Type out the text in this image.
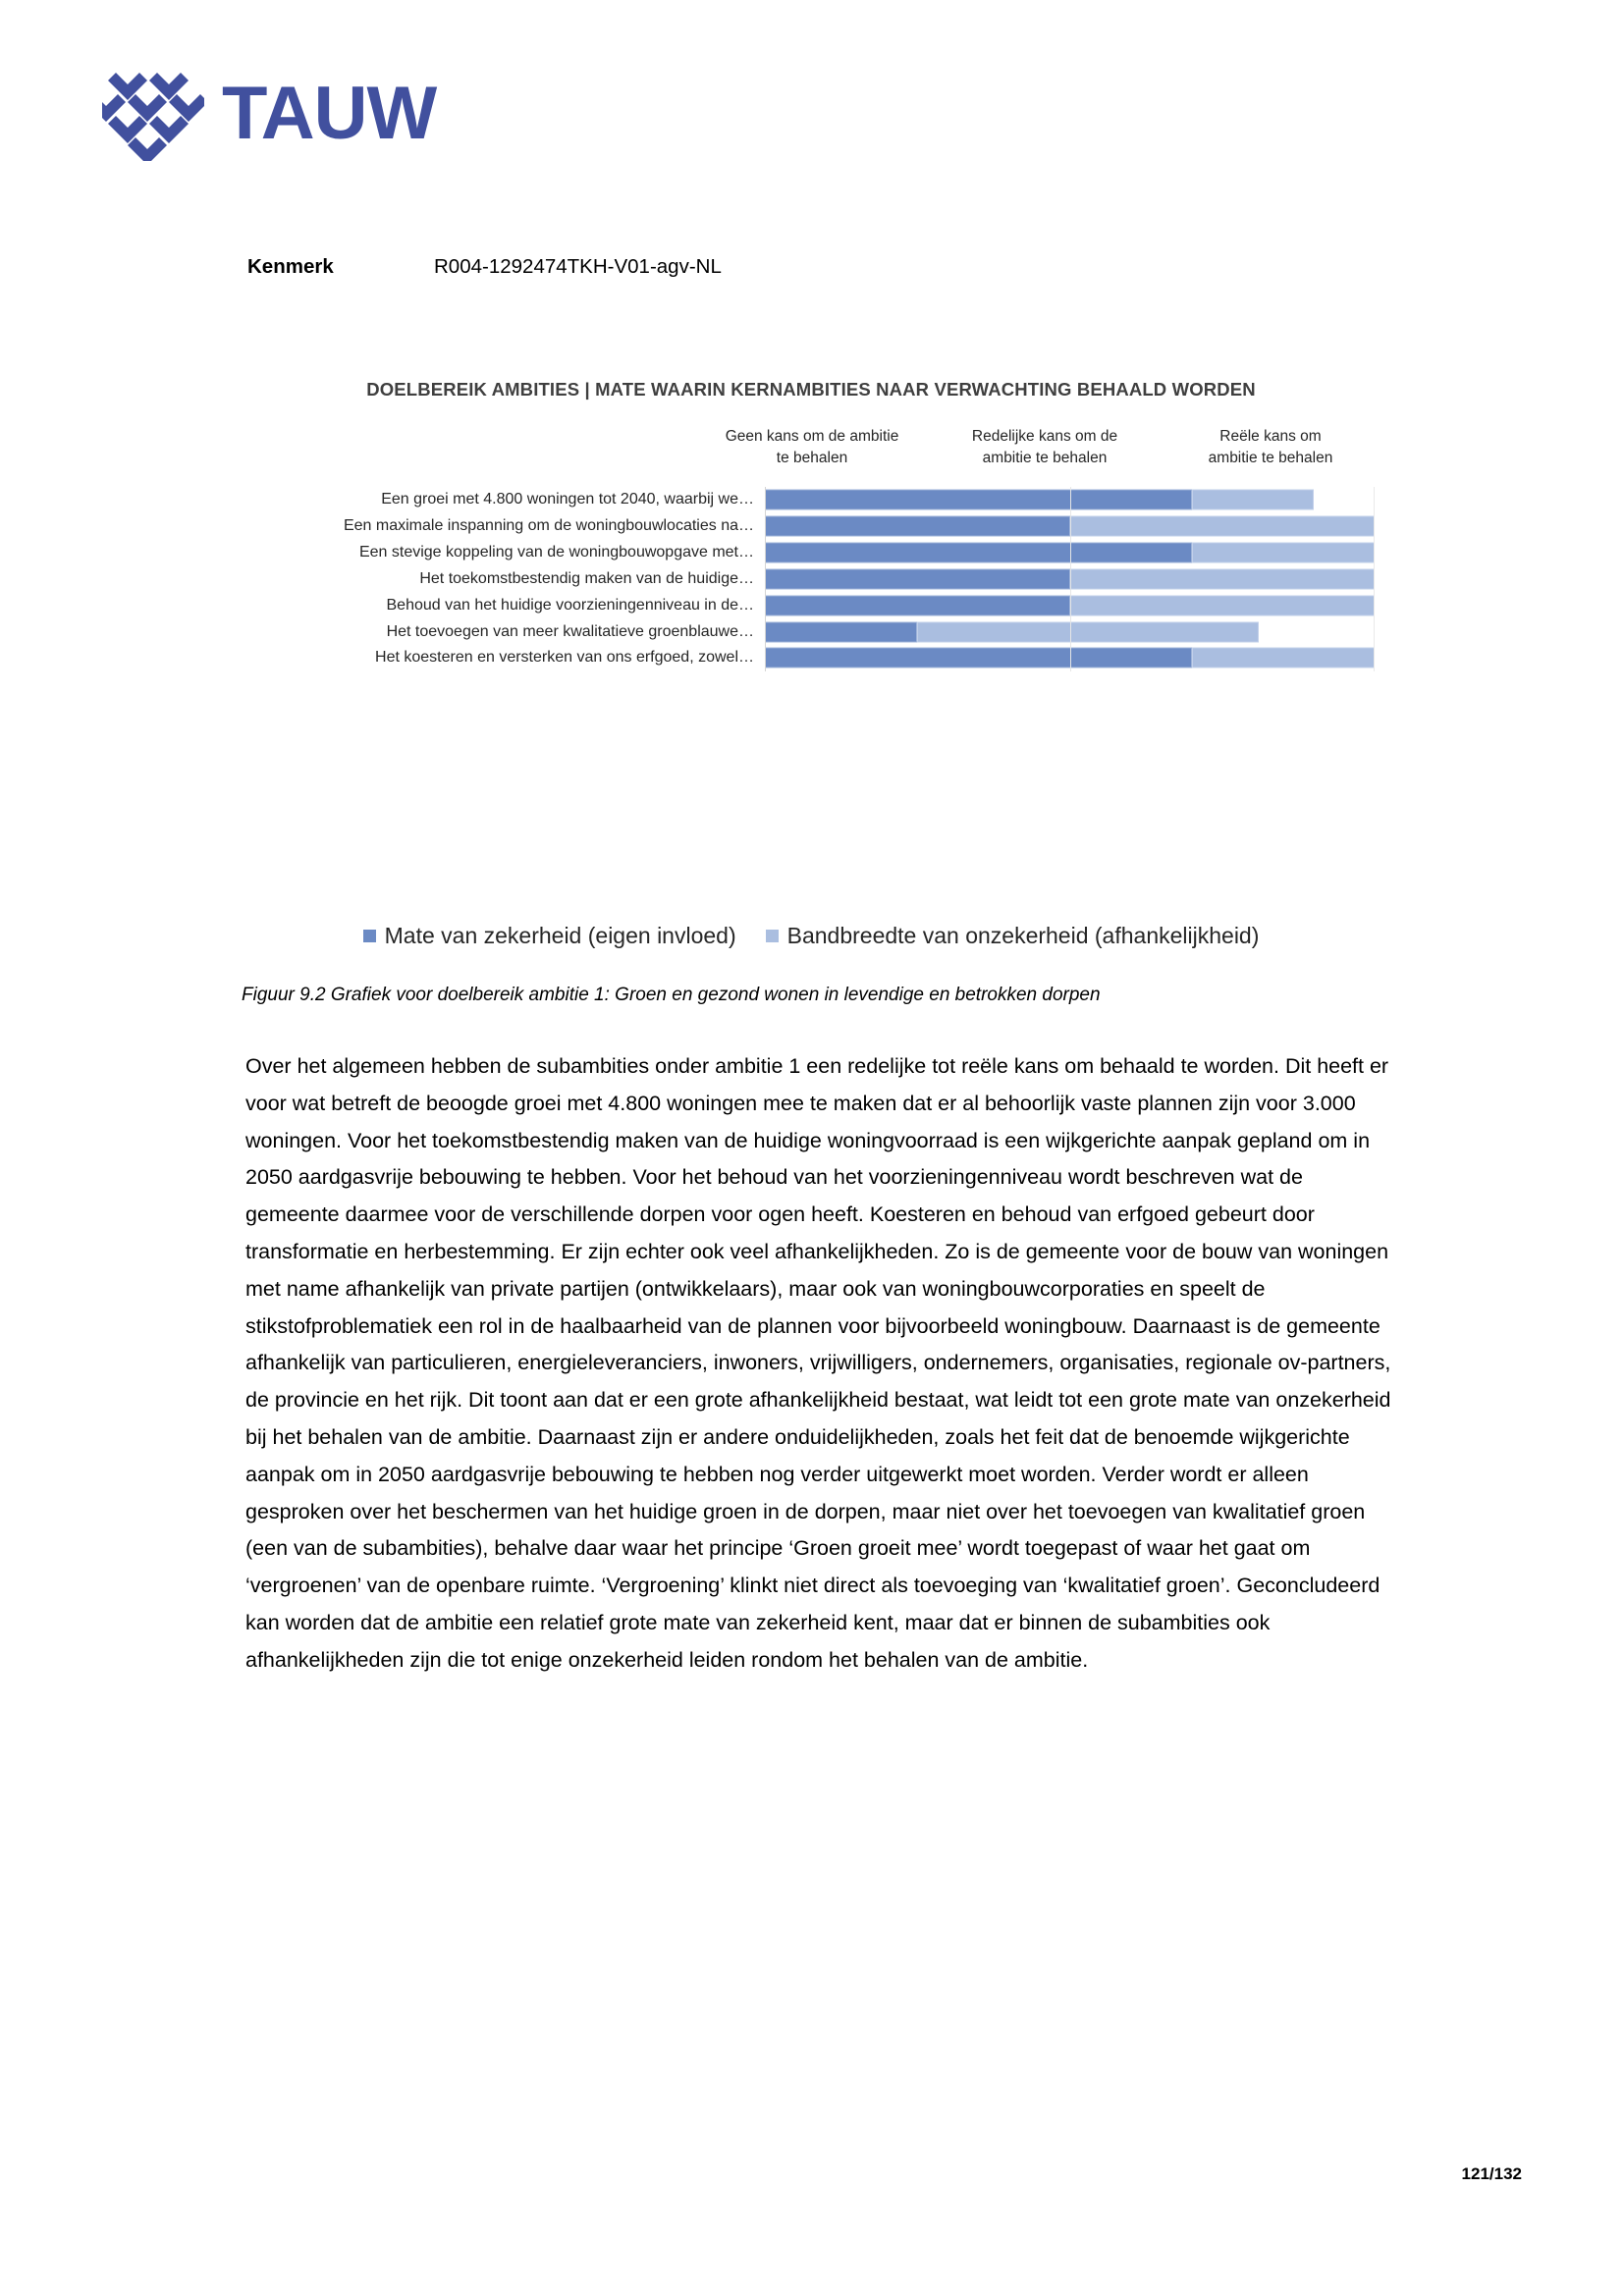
TAUW
Kenmerk	R004-1292474TKH-V01-agv-NL
DOELBEREIK AMBITIES | MATE WAARIN KERNAMBITIES NAAR VERWACHTING BEHAALD WORDEN
Geen kans om de ambitie
te behalen
Redelijke kans om de
ambitie te behalen
Reële kans om
ambitie te behalen
Een groei met 4.800 woningen tot 2040, waarbij we…
Een maximale inspanning om de woningbouwlocaties na…
Een stevige koppeling van de woningbouwopgave met…
Het toekomstbestendig maken van de huidige…
Behoud van het huidige voorzieningenniveau in de…
Het toevoegen van meer kwalitatieve groenblauwe…
Het koesteren en versterken van ons erfgoed, zowel…
Mate van zekerheid (eigen invloed) Bandbreedte van onzekerheid (afhankelijkheid)
Figuur 9.2 Grafiek voor doelbereik ambitie 1: Groen en gezond wonen in levendige en betrokken dorpen
Over het algemeen hebben de subambities onder ambitie 1 een redelijke tot reële kans om behaald te worden. Dit heeft er voor wat betreft de beoogde groei met 4.800 woningen mee te maken dat er al behoorlijk vaste plannen zijn voor 3.000 woningen. Voor het toekomstbestendig maken van de huidige woningvoorraad is een wijkgerichte aanpak gepland om in 2050 aardgasvrije bebouwing te hebben. Voor het behoud van het voorzieningenniveau wordt beschreven wat de gemeente daarmee voor de verschillende dorpen voor ogen heeft. Koesteren en behoud van erfgoed gebeurt door transformatie en herbestemming. Er zijn echter ook veel afhankelijkheden. Zo is de gemeente voor de bouw van woningen met name afhankelijk van private partijen (ontwikkelaars), maar ook van woningbouwcorporaties en speelt de stikstofproblematiek een rol in de haalbaarheid van de plannen voor bijvoorbeeld woningbouw. Daarnaast is de gemeente afhankelijk van particulieren, energieleveranciers, inwoners, vrijwilligers, ondernemers, organisaties, regionale ov-partners, de provincie en het rijk. Dit toont aan dat er een grote afhankelijkheid bestaat, wat leidt tot een grote mate van onzekerheid bij het behalen van de ambitie. Daarnaast zijn er andere onduidelijkheden, zoals het feit dat de benoemde wijkgerichte aanpak om in 2050 aardgasvrije bebouwing te hebben nog verder uitgewerkt moet worden. Verder wordt er alleen gesproken over het beschermen van het huidige groen in de dorpen, maar niet over het toevoegen van kwalitatief groen (een van de subambities), behalve daar waar het principe ‘Groen groeit mee’ wordt toegepast of waar het gaat om ‘vergroenen’ van de openbare ruimte. ‘Vergroening’ klinkt niet direct als toevoeging van ‘kwalitatief groen’. Geconcludeerd kan worden dat de ambitie een relatief grote mate van zekerheid kent, maar dat er binnen de subambities ook afhankelijkheden zijn die tot enige onzekerheid leiden rondom het behalen van de ambitie.
121/132
